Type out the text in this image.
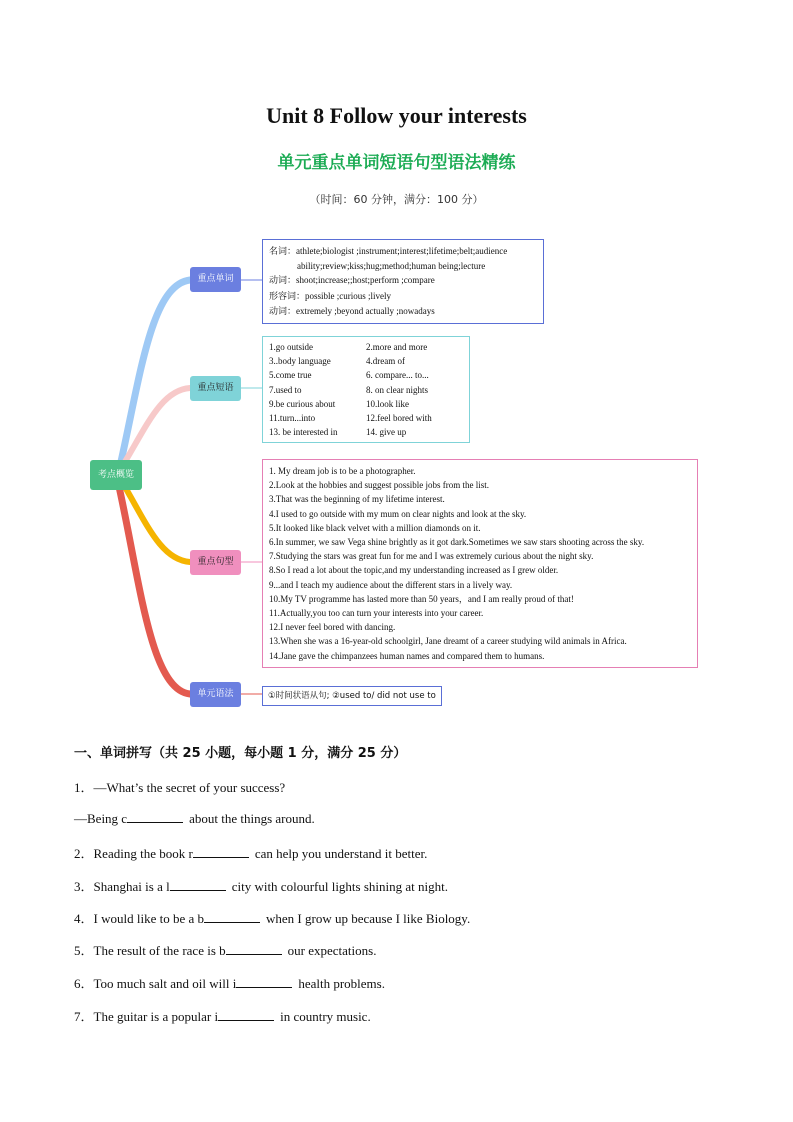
Unit 8 Follow your interests
单元重点单词短语句型语法精练
（时间：60 分钟，满分：100 分）
考点概览
重点单词
重点短语
重点句型
单元语法
名词：athlete;biologist ;instrument;interest;lifetime;belt;audience
ability;review;kiss;hug;method;human being;lecture
动词：shoot;increase;;host;perform ;compare
形容词：possible ;curious ;lively
动词：extremely ;beyond actually ;nowadays
1.go outside	2.more and more
3..body language	4.dream of
5.come true	6. compare... to...
7.used to	8. on clear nights
9.be curious about	10.look like
11.turn...into	12.feel bored with
13. be interested in	14. give up
1. My dream job is to be a photographer.
2.Look at the hobbies and suggest possible jobs from the list.
3.That was the beginning of my lifetime interest.
4.I used to go outside with my mum on clear nights and look at the sky.
5.It looked like black velvet with a million diamonds on it.
6.In summer, we saw Vega shine brightly as it got dark.Sometimes we saw stars shooting across the sky.
7.Studying the stars was great fun for me and I was extremely curious about the night sky.
8.So I read a lot about the topic,and my understanding increased as I grew older.
9...and I teach my audience about the different stars in a lively way.
10.My TV programme has lasted more than 50 years，and I am really proud of that!
11.Actually,you too can turn your interests into your career.
12.I never feel bored with dancing.
13.When she was a 16-year-old schoolgirl, Jane dreamt of a career studying wild animals in Africa.
14.Jane gave the chimpanzees human names and compared them to humans.
①时间状语从句; ②used to/ did not use to
一、单词拼写（共 25 小题，每小题 1 分，满分 25 分）
1．—What’s the secret of your success?
—Being c	about the things around.
2．Reading the book r	can help you understand it better.
3．Shanghai is a l	city with colourful lights shining at night.
4．I would like to be a b	when I grow up because I like Biology.
5．The result of the race is b	our expectations.
6．Too much salt and oil will i	health problems.
7．The guitar is a popular i	in country music.
